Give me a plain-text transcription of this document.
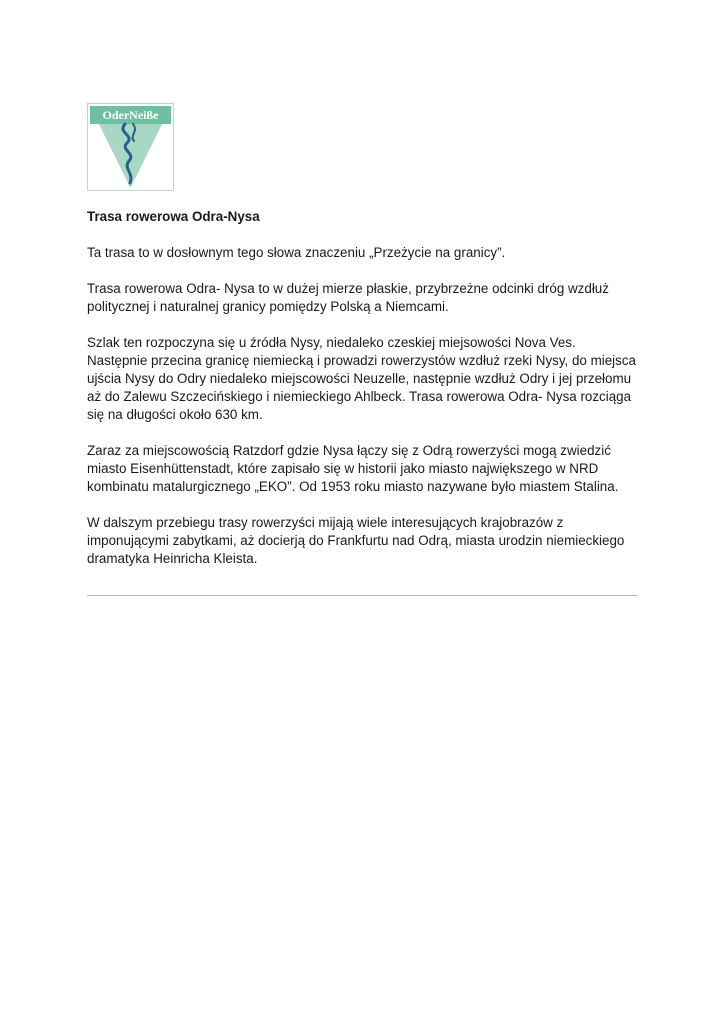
OderNeiße

Trasa rowerowa Odra-Nysa

Ta trasa to w dosłownym tego słowa znaczeniu „Przeżycie na granicy”.

Trasa rowerowa Odra- Nysa to w dużej mierze płaskie, przybrzeżne odcinki dróg wzdłuż politycznej i naturalnej granicy pomiędzy Polską a Niemcami.

Szlak ten rozpoczyna się u źródła Nysy, niedaleko czeskiej miejsowości Nova Ves. Następnie przecina granicę niemiecką i prowadzi rowerzystów wzdłuż rzeki Nysy, do miejsca ujścia Nysy do Odry niedaleko miejscowości Neuzelle, następnie wzdłuż Odry i jej przełomu aż do Zalewu Szczecińskiego i niemieckiego Ahlbeck. Trasa rowerowa Odra- Nysa rozciąga się na długości około 630 km.

Zaraz za miejscowością Ratzdorf gdzie Nysa łączy się z Odrą rowerzyści mogą zwiedzić miasto Eisenhüttenstadt, które zapisało się w historii jako miasto największego w NRD kombinatu matalurgicznego „EKO”. Od 1953 roku miasto nazywane było miastem Stalina.

W dalszym przebiegu trasy rowerzyści mijają wiele interesujących krajobrazów z imponującymi zabytkami, aż docierją do Frankfurtu nad Odrą, miasta urodzin niemieckiego dramatyka Heinricha Kleista.
